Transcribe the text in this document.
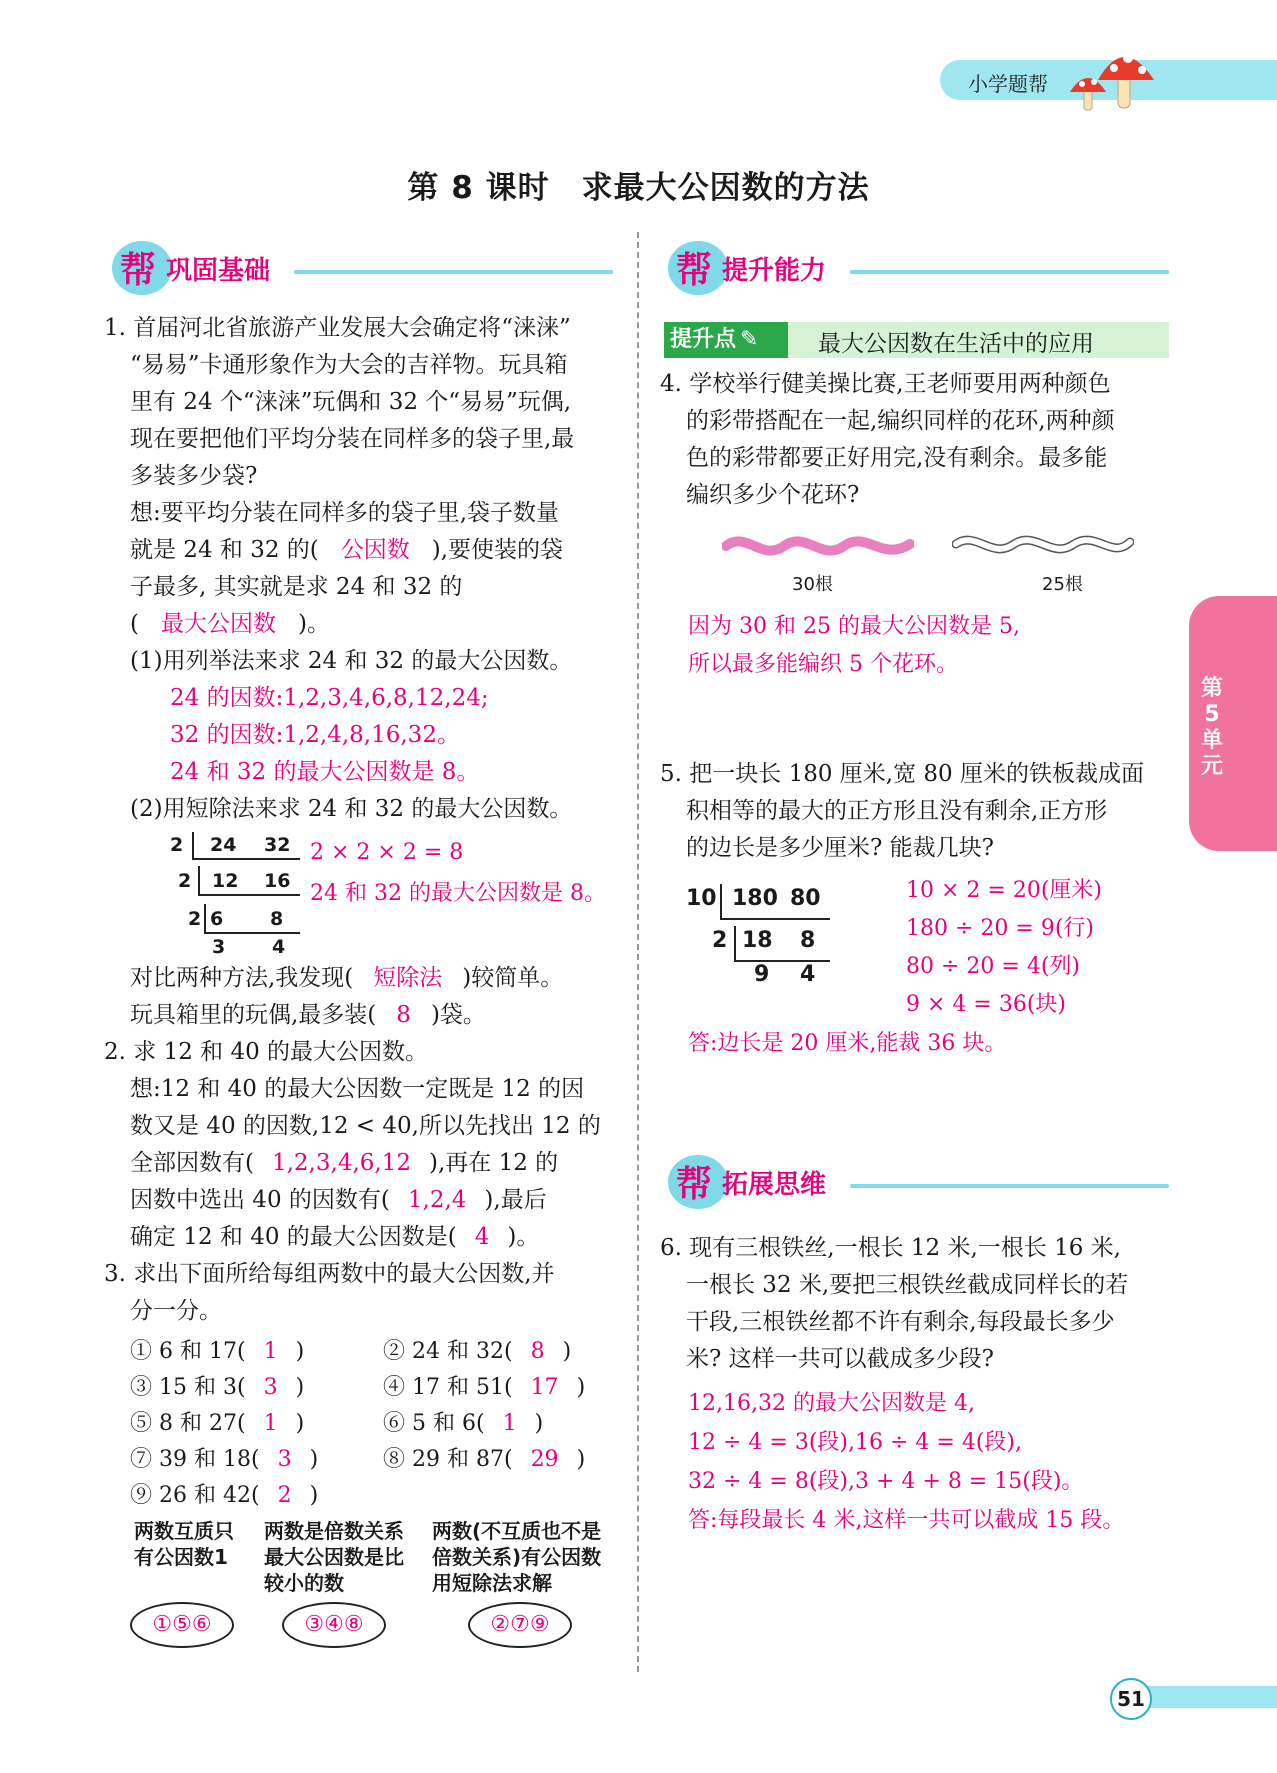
小学题帮
第 8 课时　求最大公因数的方法
帮 巩固基础
1. 首届河北省旅游产业发展大会确定将“涞涞”
“易易”卡通形象作为大会的吉祥物。玩具箱
里有 24 个“涞涞”玩偶和 32 个“易易”玩偶,
现在要把他们平均分装在同样多的袋子里,最
多装多少袋?
想:要平均分装在同样多的袋子里,袋子数量
就是 24 和 32 的( 公因数 ),要使装的袋
子最多, 其实就是求 24 和 32 的
( 最大公因数 )。
(1)用列举法来求 24 和 32 的最大公因数。
24 的因数:1,2,3,4,6,8,12,24;
32 的因数:1,2,4,8,16,32。
24 和 32 的最大公因数是 8。
(2)用短除法来求 24 和 32 的最大公因数。
2 24 32
2 12 16
2 6 8
3 4
2 × 2 × 2 = 8
24 和 32 的最大公因数是 8。
对比两种方法,我发现( 短除法 )较简单。
玩具箱里的玩偶,最多装( 8 )袋。
2. 求 12 和 40 的最大公因数。
想:12 和 40 的最大公因数一定既是 12 的因
数又是 40 的因数,12 < 40,所以先找出 12 的
全部因数有( 1,2,3,4,6,12 ),再在 12 的
因数中选出 40 的因数有( 1,2,4 ),最后
确定 12 和 40 的最大公因数是( 4 )。
3. 求出下面所给每组两数中的最大公因数,并
分一分。
① 6 和 17( 1 )	② 24 和 32( 8 )
③ 15 和 3( 3 )	④ 17 和 51( 17 )
⑤ 8 和 27( 1 )	⑥ 5 和 6( 1 )
⑦ 39 和 18( 3 )	⑧ 29 和 87( 29 )
⑨ 26 和 42( 2 )
两数互质只
有公因数1
两数是倍数关系
最大公因数是比
较小的数
两数(不互质也不是
倍数关系)有公因数
用短除法求解
①⑤⑥	③④⑧	②⑦⑨
帮 提升能力
提升点 ✎	最大公因数在生活中的应用
4. 学校举行健美操比赛,王老师要用两种颜色
的彩带搭配在一起,编织同样的花环,两种颜
色的彩带都要正好用完,没有剩余。最多能
编织多少个花环?
30根	25根
因为 30 和 25 的最大公因数是 5,
所以最多能编织 5 个花环。
5. 把一块长 180 厘米,宽 80 厘米的铁板裁成面
积相等的最大的正方形且没有剩余,正方形
的边长是多少厘米? 能裁几块?
10 180 80
2 18 8
9 4
10 × 2 = 20(厘米)
180 ÷ 20 = 9(行)
80 ÷ 20 = 4(列)
9 × 4 = 36(块)
答:边长是 20 厘米,能裁 36 块。
帮 拓展思维
6. 现有三根铁丝,一根长 12 米,一根长 16 米,
一根长 32 米,要把三根铁丝截成同样长的若
干段,三根铁丝都不许有剩余,每段最长多少
米? 这样一共可以截成多少段?
12,16,32 的最大公因数是 4,
12 ÷ 4 = 3(段),16 ÷ 4 = 4(段),
32 ÷ 4 = 8(段),3 + 4 + 8 = 15(段)。
答:每段最长 4 米,这样一共可以截成 15 段。
第5单元
51
